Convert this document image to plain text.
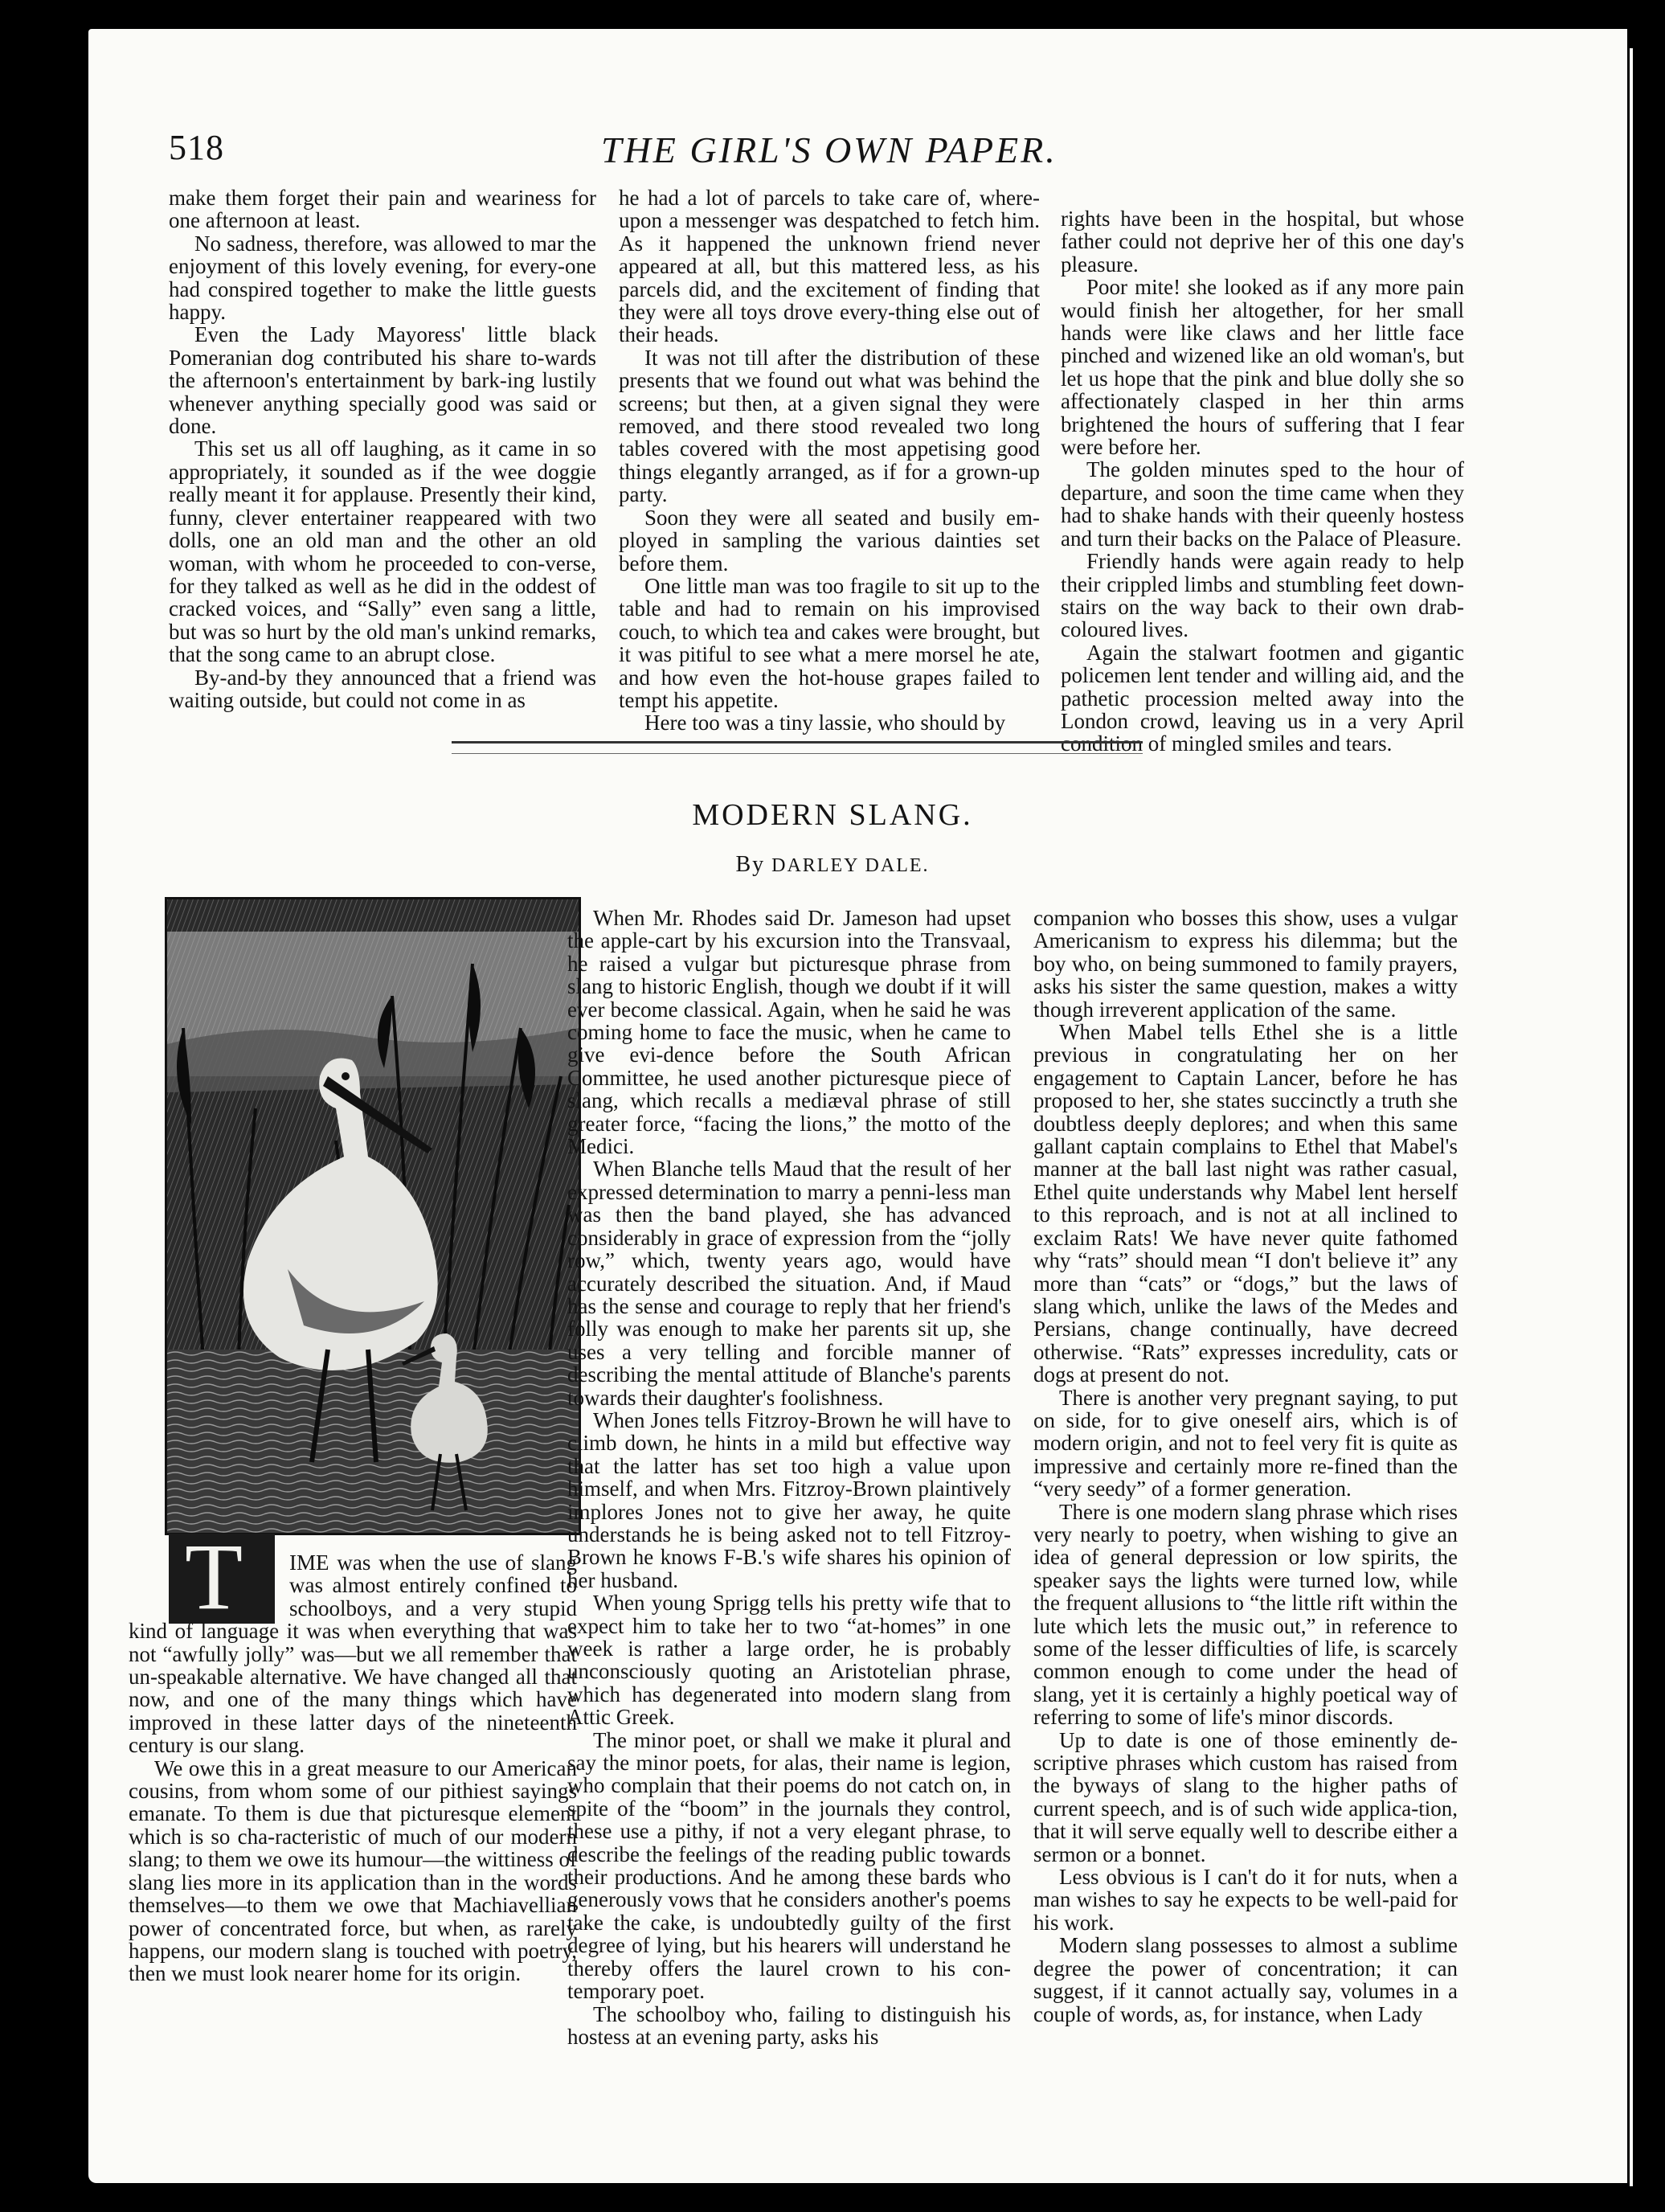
518	THE GIRL'S OWN PAPER.

make them forget their pain and weariness for one afternoon at least.

No sadness, therefore, was allowed to mar the enjoyment of this lovely evening, for every-one had conspired together to make the little guests happy.

Even the Lady Mayoress' little black Pomeranian dog contributed his share to-wards the afternoon's entertainment by bark-ing lustily whenever anything specially good was said or done.

This set us all off laughing, as it came in so appropriately, it sounded as if the wee doggie really meant it for applause. Presently their kind, funny, clever entertainer reappeared with two dolls, one an old man and the other an old woman, with whom he proceeded to con-verse, for they talked as well as he did in the oddest of cracked voices, and “Sally” even sang a little, but was so hurt by the old man's unkind remarks, that the song came to an abrupt close.

By-and-by they announced that a friend was waiting outside, but could not come in as

he had a lot of parcels to take care of, where-upon a messenger was despatched to fetch him. As it happened the unknown friend never appeared at all, but this mattered less, as his parcels did, and the excitement of finding that they were all toys drove every-thing else out of their heads.

It was not till after the distribution of these presents that we found out what was behind the screens; but then, at a given signal they were removed, and there stood revealed two long tables covered with the most appetising good things elegantly arranged, as if for a grown-up party.

Soon they were all seated and busily em-ployed in sampling the various dainties set before them.

One little man was too fragile to sit up to the table and had to remain on his improvised couch, to which tea and cakes were brought, but it was pitiful to see what a mere morsel he ate, and how even the hot-house grapes failed to tempt his appetite.

Here too was a tiny lassie, who should by

rights have been in the hospital, but whose father could not deprive her of this one day's pleasure.

Poor mite! she looked as if any more pain would finish her altogether, for her small hands were like claws and her little face pinched and wizened like an old woman's, but let us hope that the pink and blue dolly she so affectionately clasped in her thin arms brightened the hours of suffering that I fear were before her.

The golden minutes sped to the hour of departure, and soon the time came when they had to shake hands with their queenly hostess and turn their backs on the Palace of Pleasure.

Friendly hands were again ready to help their crippled limbs and stumbling feet down-stairs on the way back to their own drab-coloured lives.

Again the stalwart footmen and gigantic policemen lent tender and willing aid, and the pathetic procession melted away into the London crowd, leaving us in a very April condition of mingled smiles and tears.

MODERN SLANG.
By DARLEY DALE.
T	IME was when the use of slang was almost entirely confined to schoolboys, and a very stupid kind of language it was when everything that was not “awfully jolly” was—but we all remember that un-speakable alternative. We have changed all that now, and one of the many things which have improved in these latter days of the nineteenth century is our slang.

We owe this in a great measure to our American cousins, from whom some of our pithiest sayings emanate. To them is due that picturesque element which is so cha-racteristic of much of our modern slang; to them we owe its humour—the wittiness of slang lies more in its application than in the words themselves—to them we owe that Machiavellian power of concentrated force, but when, as rarely happens, our modern slang is touched with poetry, then we must look nearer home for its origin.

When Mr. Rhodes said Dr. Jameson had upset the apple-cart by his excursion into the Transvaal, he raised a vulgar but picturesque phrase from slang to historic English, though we doubt if it will ever become classical. Again, when he said he was coming home to face the music, when he came to give evi-dence before the South African Committee, he used another picturesque piece of slang, which recalls a mediæval phrase of still greater force, “facing the lions,” the motto of the Medici.

When Blanche tells Maud that the result of her expressed determination to marry a penni-less man was then the band played, she has advanced considerably in grace of expression from the “jolly row,” which, twenty years ago, would have accurately described the situation. And, if Maud has the sense and courage to reply that her friend's folly was enough to make her parents sit up, she uses a very telling and forcible manner of describing the mental attitude of Blanche's parents towards their daughter's foolishness.

When Jones tells Fitzroy-Brown he will have to climb down, he hints in a mild but effective way that the latter has set too high a value upon himself, and when Mrs. Fitzroy-Brown plaintively implores Jones not to give her away, he quite understands he is being asked not to tell Fitzroy-Brown he knows F-B.'s wife shares his opinion of her husband.

When young Sprigg tells his pretty wife that to expect him to take her to two “at-homes” in one week is rather a large order, he is probably unconsciously quoting an Aristotelian phrase, which has degenerated into modern slang from Attic Greek.

The minor poet, or shall we make it plural and say the minor poets, for alas, their name is legion, who complain that their poems do not catch on, in spite of the “boom” in the journals they control, these use a pithy, if not a very elegant phrase, to describe the feelings of the reading public towards their productions. And he among these bards who generously vows that he considers another's poems take the cake, is undoubtedly guilty of the first degree of lying, but his hearers will understand he thereby offers the laurel crown to his con-temporary poet.

The schoolboy who, failing to distinguish his hostess at an evening party, asks his

companion who bosses this show, uses a vulgar Americanism to express his dilemma; but the boy who, on being summoned to family prayers, asks his sister the same question, makes a witty though irreverent application of the same.

When Mabel tells Ethel she is a little previous in congratulating her on her engagement to Captain Lancer, before he has proposed to her, she states succinctly a truth she doubtless deeply deplores; and when this same gallant captain complains to Ethel that Mabel's manner at the ball last night was rather casual, Ethel quite understands why Mabel lent herself to this reproach, and is not at all inclined to exclaim Rats! We have never quite fathomed why “rats” should mean “I don't believe it” any more than “cats” or “dogs,” but the laws of slang which, unlike the laws of the Medes and Persians, change continually, have decreed otherwise. “Rats” expresses incredulity, cats or dogs at present do not.

There is another very pregnant saying, to put on side, for to give oneself airs, which is of modern origin, and not to feel very fit is quite as impressive and certainly more re-fined than the “very seedy” of a former generation.

There is one modern slang phrase which rises very nearly to poetry, when wishing to give an idea of general depression or low spirits, the speaker says the lights were turned low, while the frequent allusions to “the little rift within the lute which lets the music out,” in reference to some of the lesser difficulties of life, is scarcely common enough to come under the head of slang, yet it is certainly a highly poetical way of referring to some of life's minor discords.

Up to date is one of those eminently de-scriptive phrases which custom has raised from the byways of slang to the higher paths of current speech, and is of such wide applica-tion, that it will serve equally well to describe either a sermon or a bonnet.

Less obvious is I can't do it for nuts, when a man wishes to say he expects to be well-paid for his work.

Modern slang possesses to almost a sublime degree the power of concentration; it can suggest, if it cannot actually say, volumes in a couple of words, as, for instance, when Lady
